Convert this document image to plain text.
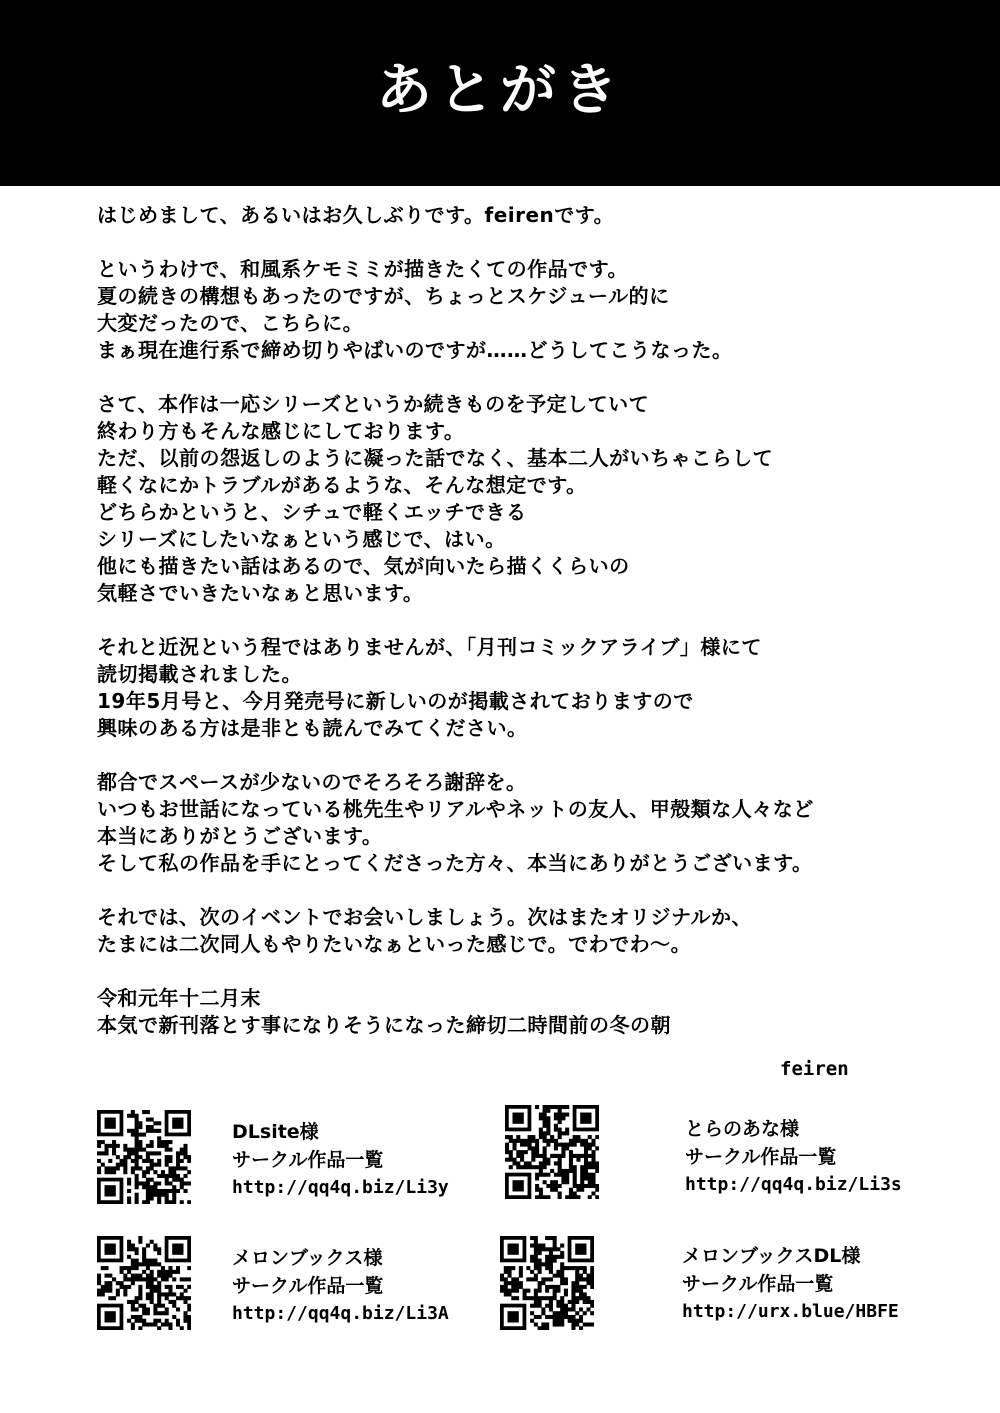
あとがき
はじめまして、あるいはお久しぶりです。feirenです。
というわけで、和風系ケモミミが描きたくての作品です。
夏の続きの構想もあったのですが、ちょっとスケジュール的に
大変だったので、こちらに。
まぁ現在進行系で締め切りやばいのですが……どうしてこうなった。
さて、本作は一応シリーズというか続きものを予定していて
終わり方もそんな感じにしております。
ただ、以前の怨返しのように凝った話でなく、基本二人がいちゃこらして
軽くなにかトラブルがあるような、そんな想定です。
どちらかというと、シチュで軽くエッチできる
シリーズにしたいなぁという感じで、はい。
他にも描きたい話はあるので、気が向いたら描くくらいの
気軽さでいきたいなぁと思います。
それと近況という程ではありませんが、「月刊コミックアライブ」様にて
読切掲載されました。
19年5月号と、今月発売号に新しいのが掲載されておりますので
興味のある方は是非とも読んでみてください。
都合でスペースが少ないのでそろそろ謝辞を。
いつもお世話になっている桃先生やリアルやネットの友人、甲殻類な人々など
本当にありがとうございます。
そして私の作品を手にとってくださった方々、本当にありがとうございます。
それでは、次のイベントでお会いしましょう。次はまたオリジナルか、
たまには二次同人もやりたいなぁといった感じで。でわでわ～。
令和元年十二月末
本気で新刊落とす事になりそうになった締切二時間前の冬の朝
feiren
DLsite様
サークル作品一覧
http://qq4q.biz/Li3y
とらのあな様
サークル作品一覧
http://qq4q.biz/Li3s
メロンブックス様
サークル作品一覧
http://qq4q.biz/Li3A
メロンブックスDL様
サークル作品一覧
http://urx.blue/HBFE
